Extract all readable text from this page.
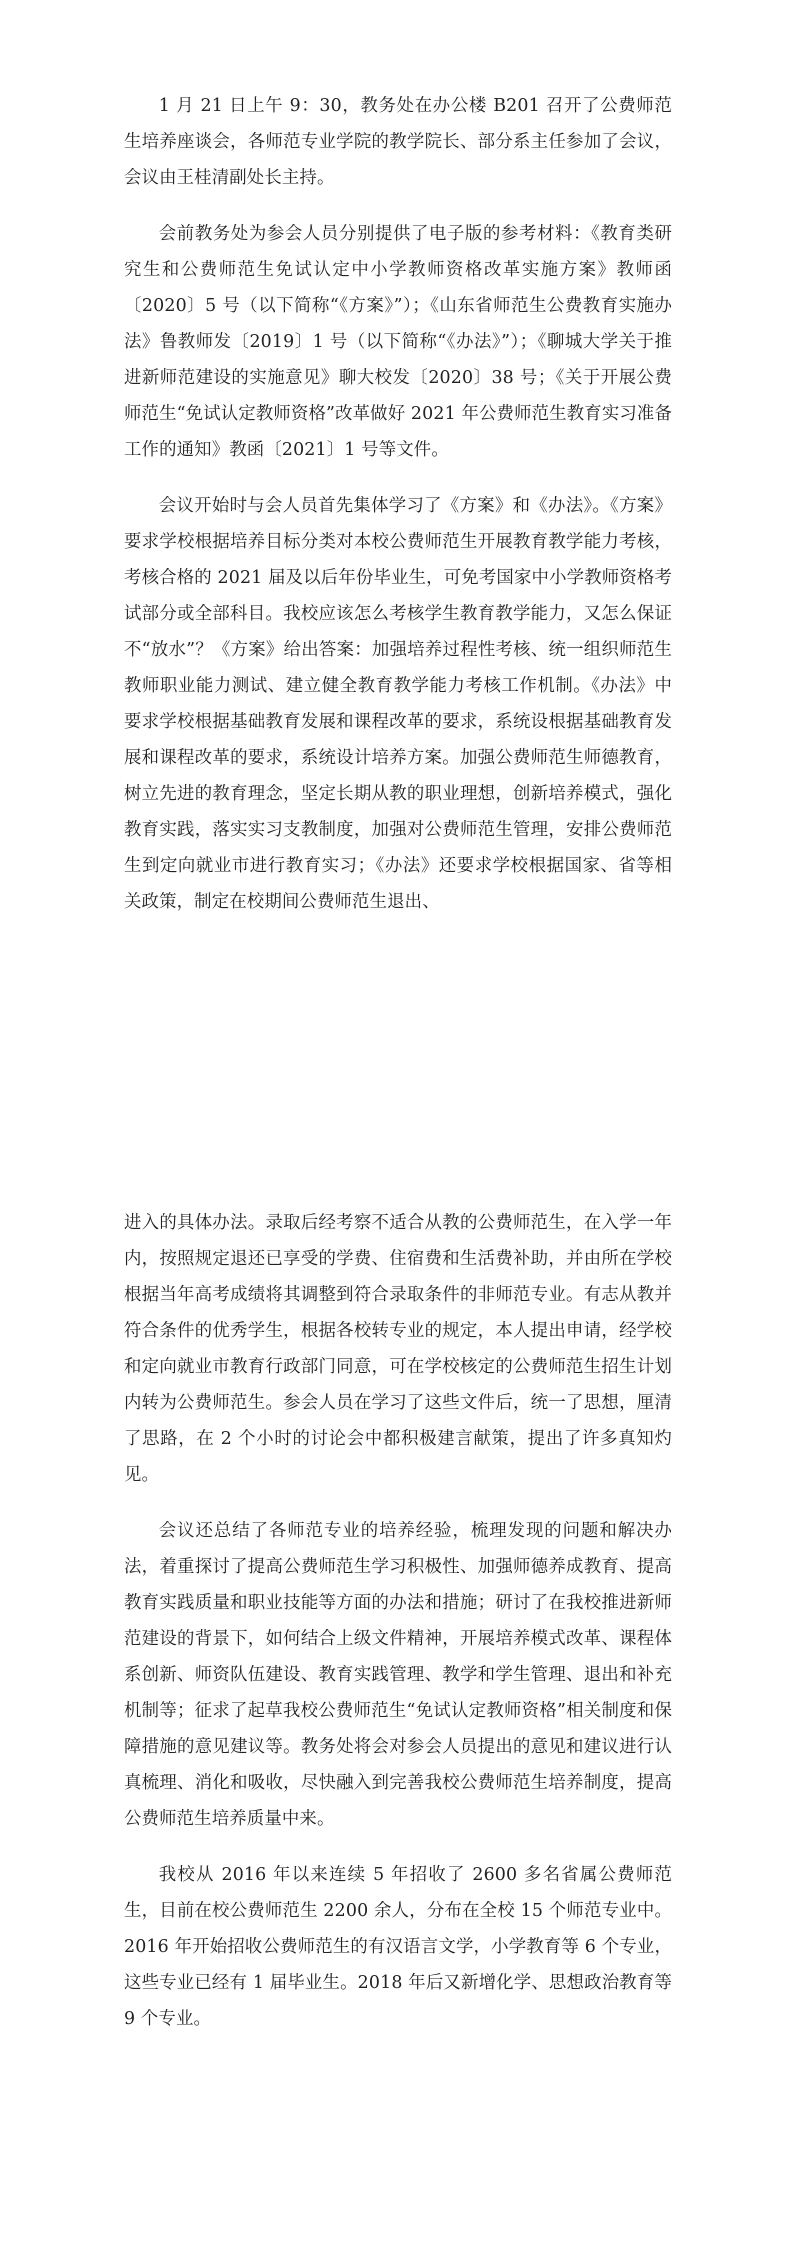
1 月 21 日上午 9：30，教务处在办公楼 B201 召开了公费师范生培养座谈会，各师范专业学院的教学院长、部分系主任参加了会议，会议由王桂清副处长主持。

会前教务处为参会人员分别提供了电子版的参考材料：《教育类研究生和公费师范生免试认定中小学教师资格改革实施方案》教师函〔2020〕5 号（以下简称“《方案》”）；《山东省师范生公费教育实施办法》鲁教师发〔2019〕1 号（以下简称“《办法》”）；《聊城大学关于推进新师范建设的实施意见》聊大校发〔2020〕38 号；《关于开展公费师范生“免试认定教师资格”改革做好 2021 年公费师范生教育实习准备工作的通知》教函〔2021〕1 号等文件。

会议开始时与会人员首先集体学习了《方案》和《办法》。《方案》要求学校根据培养目标分类对本校公费师范生开展教育教学能力考核，考核合格的 2021 届及以后年份毕业生，可免考国家中小学教师资格考试部分或全部科目。我校应该怎么考核学生教育教学能力，又怎么保证不“放水”？《方案》给出答案：加强培养过程性考核、统一组织师范生教师职业能力测试、建立健全教育教学能力考核工作机制。《办法》中要求学校根据基础教育发展和课程改革的要求，系统设根据基础教育发展和课程改革的要求，系统设计培养方案。加强公费师范生师德教育，树立先进的教育理念，坚定长期从教的职业理想，创新培养模式，强化教育实践，落实实习支教制度，加强对公费师范生管理，安排公费师范生到定向就业市进行教育实习；《办法》还要求学校根据国家、省等相关政策，制定在校期间公费师范生退出、

进入的具体办法。录取后经考察不适合从教的公费师范生，在入学一年内，按照规定退还已享受的学费、住宿费和生活费补助，并由所在学校根据当年高考成绩将其调整到符合录取条件的非师范专业。有志从教并符合条件的优秀学生，根据各校转专业的规定，本人提出申请，经学校和定向就业市教育行政部门同意，可在学校核定的公费师范生招生计划内转为公费师范生。参会人员在学习了这些文件后，统一了思想，厘清了思路，在 2 个小时的讨论会中都积极建言献策，提出了许多真知灼见。

会议还总结了各师范专业的培养经验，梳理发现的问题和解决办法，着重探讨了提高公费师范生学习积极性、加强师德养成教育、提高教育实践质量和职业技能等方面的办法和措施；研讨了在我校推进新师范建设的背景下，如何结合上级文件精神，开展培养模式改革、课程体系创新、师资队伍建设、教育实践管理、教学和学生管理、退出和补充机制等；征求了起草我校公费师范生“免试认定教师资格”相关制度和保障措施的意见建议等。教务处将会对参会人员提出的意见和建议进行认真梳理、消化和吸收，尽快融入到完善我校公费师范生培养制度，提高公费师范生培养质量中来。

我校从 2016 年以来连续 5 年招收了 2600 多名省属公费师范生，目前在校公费师范生 2200 余人，分布在全校 15 个师范专业中。2016 年开始招收公费师范生的有汉语言文学，小学教育等 6 个专业，这些专业已经有 1 届毕业生。2018 年后又新增化学、思想政治教育等 9 个专业。
